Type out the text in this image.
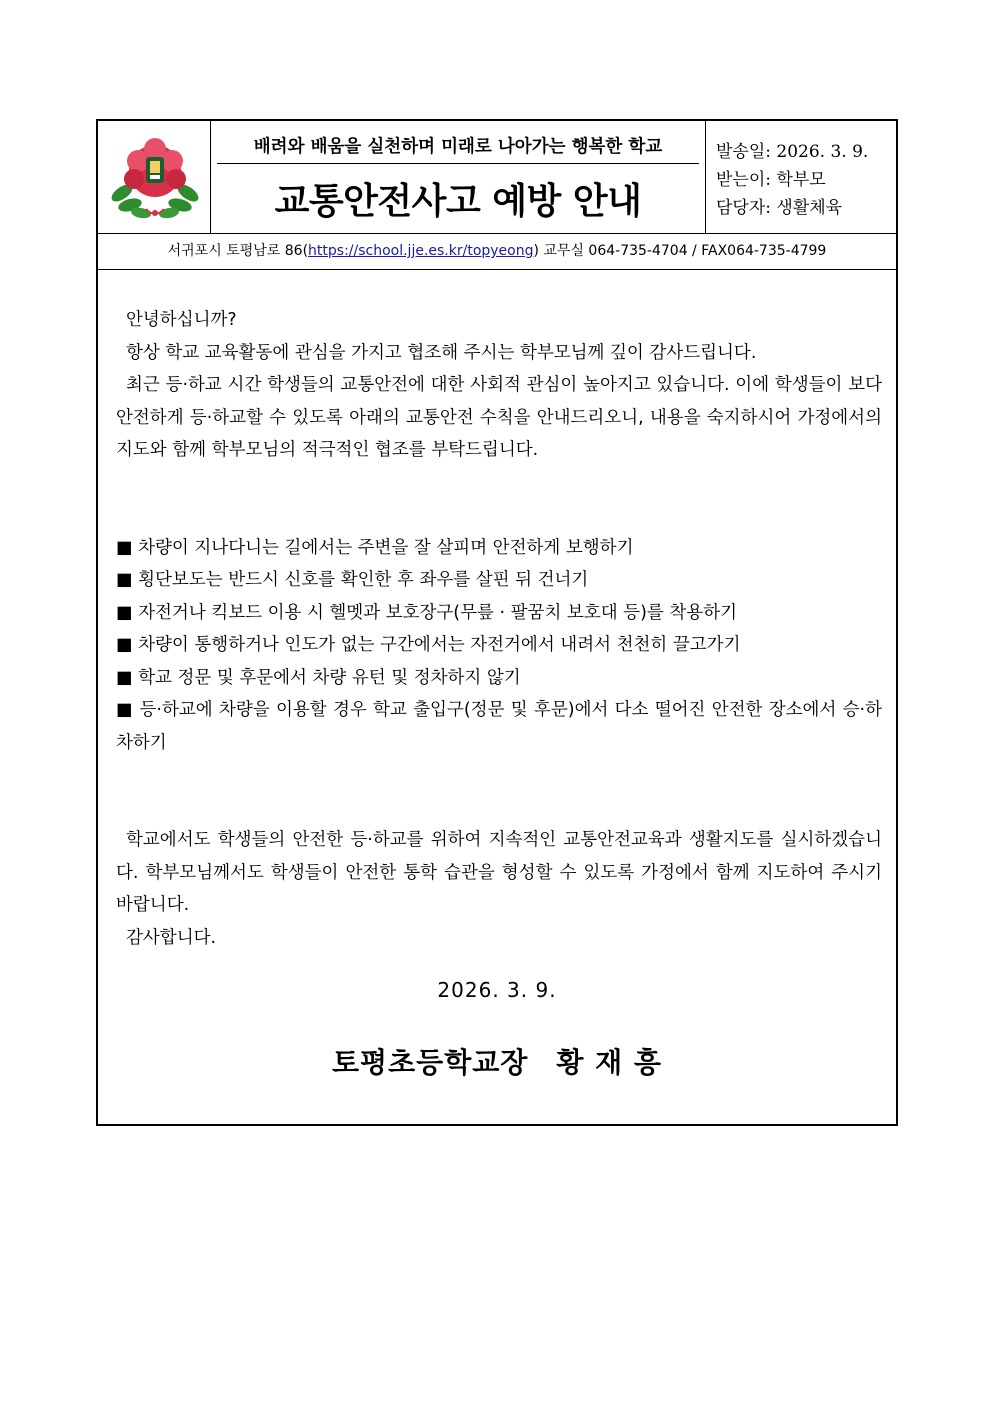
배려와 배움을 실천하며 미래로 나아가는 행복한 학교
교통안전사고 예방 안내
발송일: 2026. 3. 9.
받는이: 학부모
담당자: 생활체육
서귀포시 토평남로 86(https://school.jje.es.kr/topyeong) 교무실 064-735-4704 / FAX064-735-4799

안녕하십니까?

항상 학교 교육활동에 관심을 가지고 협조해 주시는 학부모님께 깊이 감사드립니다.

최근 등·하교 시간 학생들의 교통안전에 대한 사회적 관심이 높아지고 있습니다. 이에 학생들이 보다 안전하게 등·하교할 수 있도록 아래의 교통안전 수칙을 안내드리오니, 내용을 숙지하시어 가정에서의 지도와 함께 학부모님의 적극적인 협조를 부탁드립니다.

■ 차량이 지나다니는 길에서는 주변을 잘 살피며 안전하게 보행하기

■ 횡단보도는 반드시 신호를 확인한 후 좌우를 살핀 뒤 건너기

■ 자전거나 킥보드 이용 시 헬멧과 보호장구(무릎 · 팔꿈치 보호대 등)를 착용하기

■ 차량이 통행하거나 인도가 없는 구간에서는 자전거에서 내려서 천천히 끌고가기

■ 학교 정문 및 후문에서 차량 유턴 및 정차하지 않기

■ 등·하교에 차량을 이용할 경우 학교 출입구(정문 및 후문)에서 다소 떨어진 안전한 장소에서 승·하차하기

학교에서도 학생들의 안전한 등·하교를 위하여 지속적인 교통안전교육과 생활지도를 실시하겠습니다. 학부모님께서도 학생들이 안전한 통학 습관을 형성할 수 있도록 가정에서 함께 지도하여 주시기 바랍니다.

감사합니다.

2026. 3. 9.
토평초등학교장 황 재 흥
